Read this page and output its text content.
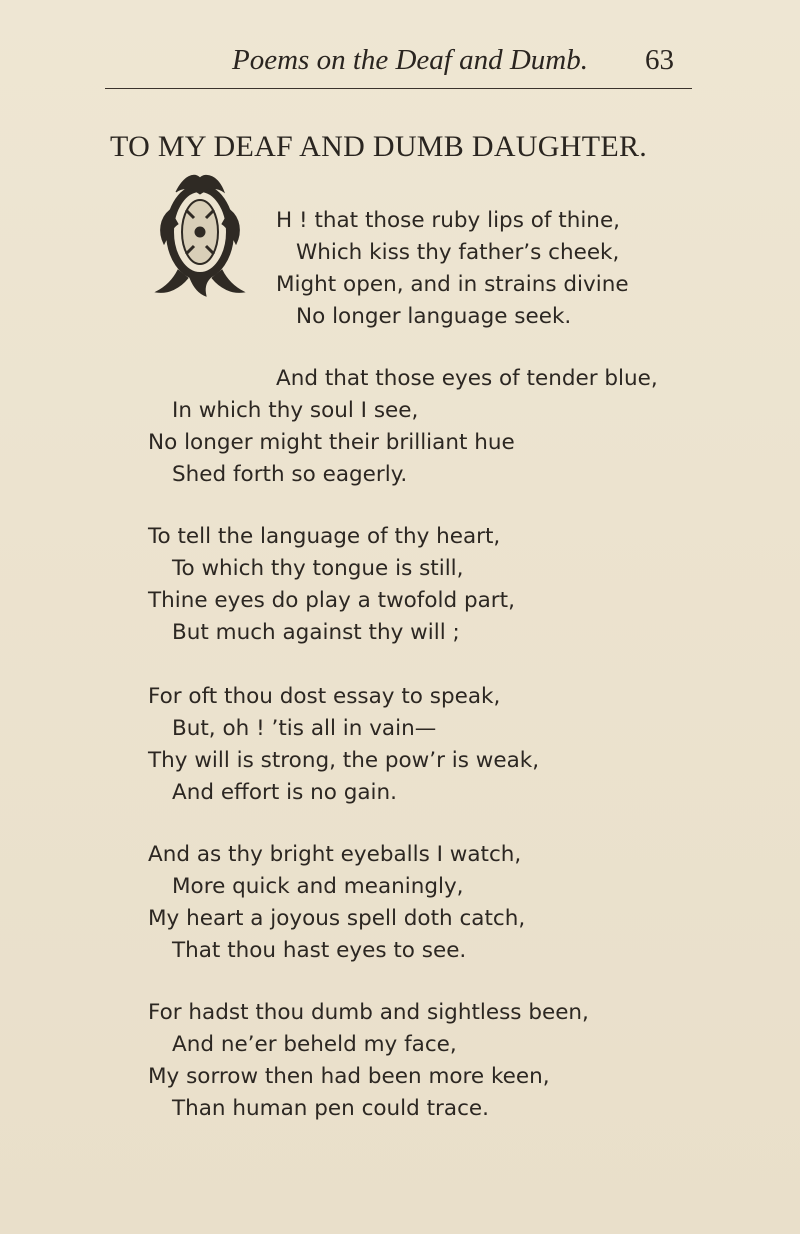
Poems on the Deaf and Dumb. 63
TO MY DEAF AND DUMB DAUGHTER.
H ! that those ruby lips of thine,
Which kiss thy father’s cheek,
Might open, and in strains divine
No longer language seek.
And that those eyes of tender blue,
In which thy soul I see,
No longer might their brilliant hue
Shed forth so eagerly.
To tell the language of thy heart,
To which thy tongue is still,
Thine eyes do play a twofold part,
But much against thy will ;
For oft thou dost essay to speak,
But, oh ! ’tis all in vain—
Thy will is strong, the pow’r is weak,
And effort is no gain.
And as thy bright eyeballs I watch,
More quick and meaningly,
My heart a joyous spell doth catch,
That thou hast eyes to see.
For hadst thou dumb and sightless been,
And ne’er beheld my face,
My sorrow then had been more keen,
Than human pen could trace.
